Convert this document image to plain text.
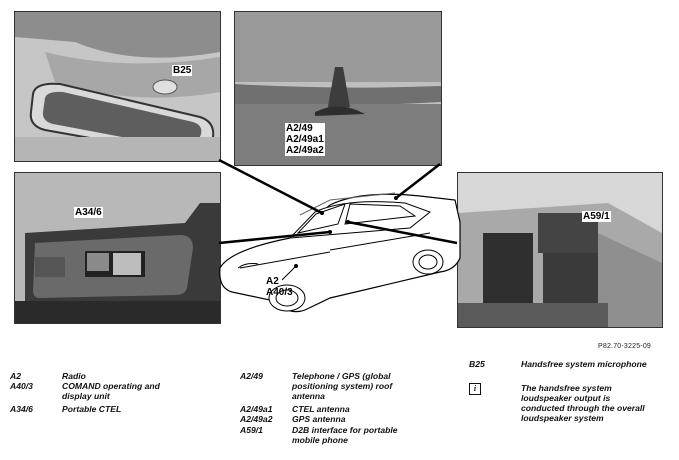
B25
A2/49
A2/49a1
A2/49a2
A34/6	A59/1
A2
A40/3
P82.70-3225-09
A2	Radio
A40/3	COMAND operating and display unit
A34/6	Portable CTEL
A2/49	Telephone / GPS (global positioning system) roof antenna
A2/49a1	CTEL antenna
A2/49a2	GPS antenna
A59/1	D2B interface for portable mobile phone
B25	Handsfree system microphone
i	The handsfree system loudspeaker output is conducted through the overall loudspeaker system
